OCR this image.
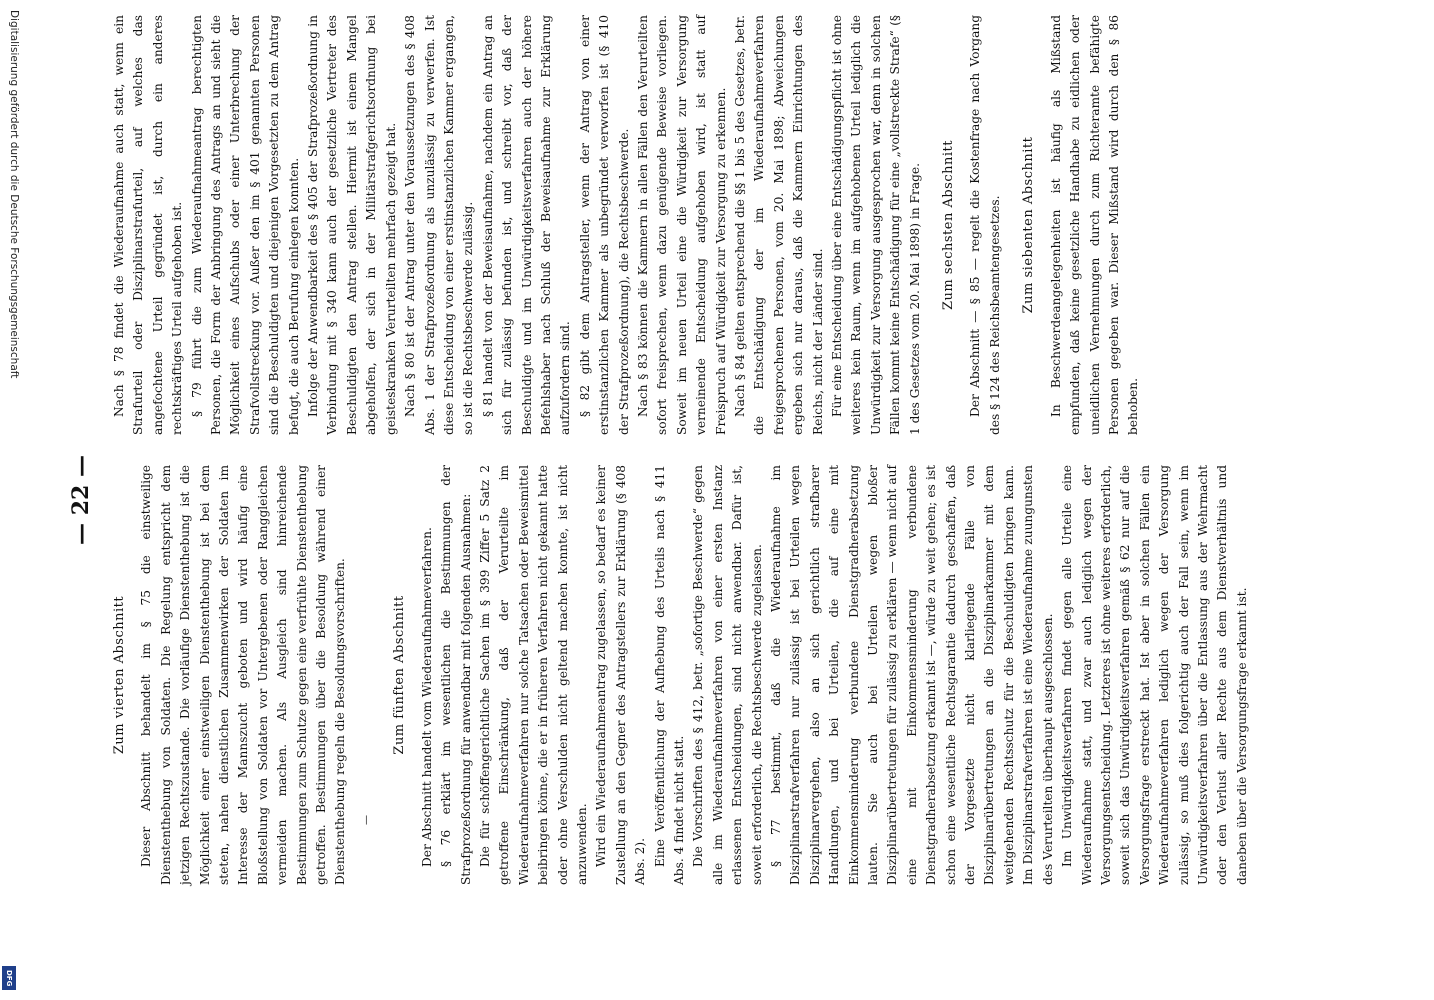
— 22 —
Zum vierten Abschnitt Dieser Abschnitt behandelt im § 75 die einstweilige Dienstenthebung von Soldaten. Die Regelung entspricht dem jetzigen Rechtszustande. Die vorläufige Dienstenthebung ist die Möglichkeit einer einstweiligen Dienstenthebung ist bei dem steten, nahen dienstlichen Zusammenwirken der Soldaten im Interesse der Mannszucht geboten und wird häufig eine Bloßstellung von Soldaten vor Untergebenen oder Ranggleichen vermeiden machen. Als Ausgleich sind hinreichende Bestimmungen zum Schutze gegen eine verfrühte Dienstenthebung getroffen. Bestimmungen über die Besoldung während einer Dienstenthebung regeln die Besoldungsvorschriften.	—

Zum fünften Abschnitt Der Abschnitt handelt vom Wiederaufnahmeverfahren. § 76 erklärt im wesentlichen die Bestimmungen der Strafprozeßordnung für anwendbar mit folgenden Ausnahmen: Die für schöffengerichtliche Sachen im § 399 Ziffer 5 Satz 2 getroffene Einschränkung, daß der Verurteilte im Wiederaufnahmeverfahren nur solche Tatsachen oder Beweismittel beibringen könne, die er in früheren Verfahren nicht gekannt hatte oder ohne Verschulden nicht geltend machen konnte, ist nicht anzuwenden. Wird ein Wiederaufnahmeantrag zugelassen, so bedarf es keiner Zustellung an den Gegner des Antragstellers zur Erklärung (§ 408 Abs. 2). Eine Veröffentlichung der Aufhebung des Urteils nach § 411 Abs. 4 findet nicht statt. Die Vorschriften des § 412, betr. „sofortige Beschwerde“ gegen alle im Wiederaufnahmeverfahren von einer ersten Instanz erlassenen Entscheidungen, sind nicht anwendbar. Dafür ist, soweit erforderlich, die Rechtsbeschwerde zugelassen. § 77 bestimmt, daß die Wiederaufnahme im Disziplinarstrafverfahren nur zulässig ist bei Urteilen wegen Disziplinarvergehen, also an sich gerichtlich strafbarer Handlungen, und bei Urteilen, die auf eine mit Einkommensminderung verbundene Dienstgradherabsetzung lauten. Sie auch bei Urteilen wegen bloßer Disziplinarübertretungen für zulässig zu erklären — wenn nicht auf eine mit Einkommensminderung verbundene Dienstgradherabsetzung erkannt ist —, würde zu weit gehen; es ist schon eine wesentliche Rechtsgarantie dadurch geschaffen, daß der Vorgesetzte nicht klarliegende Fälle von Disziplinarübertretungen an die Disziplinarkammer mit dem weitgehenden Rechtsschutz für die Beschuldigten bringen kann. Im Disziplinarstrafverfahren ist eine Wiederaufnahme zuungunsten des Verurteilten überhaupt ausgeschlossen. Im Unwürdigkeitsverfahren findet gegen alle Urteile eine Wiederaufnahme statt, und zwar auch lediglich wegen der Versorgungsentscheidung. Letzteres ist ohne weiteres erforderlich, soweit sich das Unwürdigkeitsverfahren gemäß § 62 nur auf die Versorgungsfrage erstreckt hat. Ist aber in solchen Fällen ein Wiederaufnahmeverfahren lediglich wegen der Versorgung zulässig, so muß dies folgerichtig auch der Fall sein, wenn im Unwürdigkeitsverfahren über die Entlassung aus der Wehrmacht oder den Verlust aller Rechte aus dem Dienstverhältnis und daneben über die Versorgungsfrage erkannt ist.

Nach § 78 findet die Wiederaufnahme auch statt, wenn ein Strafurteil oder Disziplinarstrafurteil, auf welches das angefochtene Urteil gegründet ist, durch ein anderes rechtskräftiges Urteil aufgehoben ist. § 79 führt die zum Wiederaufnahmeantrag berechtigten Personen, die Form der Anbringung des Antrags an und sieht die Möglichkeit eines Aufschubs oder einer Unterbrechung der Strafvollstreckung vor. Außer den im § 401 genannten Personen sind die Beschuldigten und diejenigen Vorgesetzten zu dem Antrag befugt, die auch Berufung einlegen konnten. Infolge der Anwendbarkeit des § 405 der Strafprozeßordnung in Verbindung mit § 340 kann auch der gesetzliche Vertreter des Beschuldigten den Antrag stellen. Hiermit ist einem Mangel abgeholfen, der sich in der Militärstrafgerichtsordnung bei geisteskranken Verurteilten mehrfach gezeigt hat. Nach § 80 ist der Antrag unter den Voraussetzungen des § 408 Abs. 1 der Strafprozeßordnung als unzulässig zu verwerfen. Ist diese Entscheidung von einer erstinstanzlichen Kammer ergangen, so ist die Rechtsbeschwerde zulässig. § 81 handelt von der Beweisaufnahme, nachdem ein Antrag an sich für zulässig befunden ist, und schreibt vor, daß der Beschuldigte und im Unwürdigkeitsverfahren auch der höhere Befehlshaber nach Schluß der Beweisaufnahme zur Erklärung aufzufordern sind. § 82 gibt dem Antragsteller, wenn der Antrag von einer erstinstanzlichen Kammer als unbegründet verworfen ist (§ 410 der Strafprozeßordnung), die Rechtsbeschwerde. Nach § 83 können die Kammern in allen Fällen den Verurteilten sofort freisprechen, wenn dazu genügende Beweise vorliegen. Soweit im neuen Urteil eine die Würdigkeit zur Versorgung verneinende Entscheidung aufgehoben wird, ist statt auf Freispruch auf Würdigkeit zur Versorgung zu erkennen. Nach § 84 gelten entsprechend die §§ 1 bis 5 des Gesetzes, betr. die Entschädigung der im Wiederaufnahmeverfahren freigesprochenen Personen, vom 20. Mai 1898; Abweichungen ergeben sich nur daraus, daß die Kammern Einrichtungen des Reichs, nicht der Länder sind. Für eine Entscheidung über eine Entschädigungspflicht ist ohne weiteres kein Raum, wenn im aufgehobenen Urteil lediglich die Unwürdigkeit zur Versorgung ausgesprochen war, denn in solchen Fällen kommt keine Entschädigung für eine „vollstreckte Strafe“ (§ 1 des Gesetzes vom 20. Mai 1898) in Frage. Zum sechsten Abschnitt Der Abschnitt — § 85 — regelt die Kostenfrage nach Vorgang des § 124 des Reichsbeamtengesetzes. Zum siebenten Abschnitt In Beschwerdeangelegenheiten ist häufig als Mißstand empfunden, daß keine gesetzliche Handhabe zu eidlichen oder uneidlichen Vernehmungen durch zum Richteramte befähigte Personen gegeben war. Dieser Mißstand wird durch den § 86 behoben.

Digitalisierung gefördert durch die Deutsche Forschungsgemeinschaft
DFG
